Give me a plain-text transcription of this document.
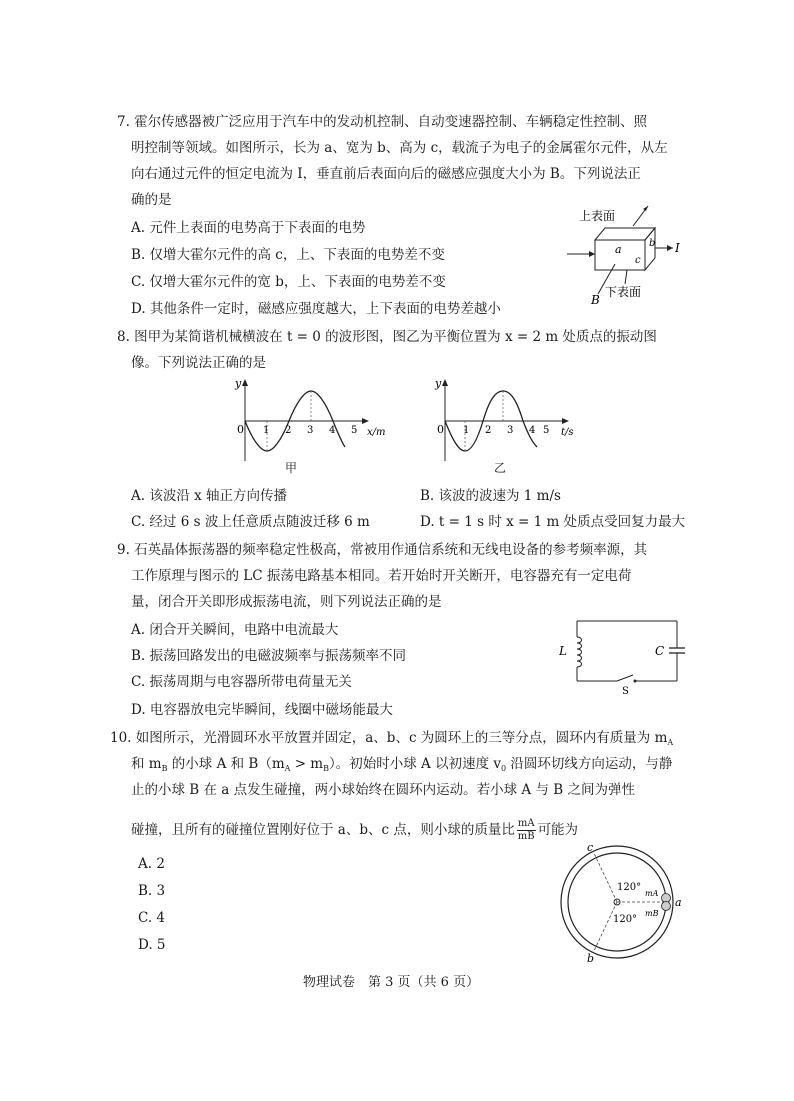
7. 霍尔传感器被广泛应用于汽车中的发动机控制、自动变速器控制、车辆稳定性控制、照
明控制等领域。如图所示，长为 a、宽为 b、高为 c，载流子为电子的金属霍尔元件，从左
向右通过元件的恒定电流为 I，垂直前后表面向后的磁感应强度大小为 B。下列说法正
确的是
A. 元件上表面的电势高于下表面的电势
B. 仅增大霍尔元件的高 c，上、下表面的电势差不变
C. 仅增大霍尔元件的宽 b，上、下表面的电势差不变
D. 其他条件一定时，磁感应强度越大，上下表面的电势差越小
上表面
a	b
c
I
B
下表面
8. 图甲为某简谐机械横波在 t = 0 的波形图，图乙为平衡位置为 x = 2 m 处质点的振动图
像。下列说法正确的是
y
0 1 2 3 4 5 x/m
甲
y
0 1 2 3 4 5 t/s
乙
A. 该波沿 x 轴正方向传播	B. 该波的波速为 1 m/s
C. 经过 6 s 波上任意质点随波迁移 6 m	D. t = 1 s 时 x = 1 m 处质点受回复力最大
9. 石英晶体振荡器的频率稳定性极高，常被用作通信系统和无线电设备的参考频率源，其
工作原理与图示的 LC 振荡电路基本相同。若开始时开关断开，电容器充有一定电荷
量，闭合开关即形成振荡电流，则下列说法正确的是
A. 闭合开关瞬间，电路中电流最大
B. 振荡回路发出的电磁波频率与振荡频率不同
C. 振荡周期与电容器所带电荷量无关
D. 电容器放电完毕瞬间，线圈中磁场能最大
L	C
S
10. 如图所示，光滑圆环水平放置并固定，a、b、c 为圆环上的三等分点，圆环内有质量为 $m_A$
和 $m_B$ 的小球 A 和 $B(m_A > m_B)$。初始时小球 A 以初速度 $v_0$ 沿圆环切线方向运动，与静
止的小球 B 在 a 点发生碰撞，两小球始终在圆环内运动。若小球 A 与 B 之间为弹性
碰撞，且所有的碰撞位置刚好位于 a、b、c 点，则小球的质量比 $\frac{mA}{mB}$ 可能为
A. 2
B. 3
C. 4
D. 5
c
a
b
120°
120°
mA
mB
物理试卷　第 3 页（共 6 页）
